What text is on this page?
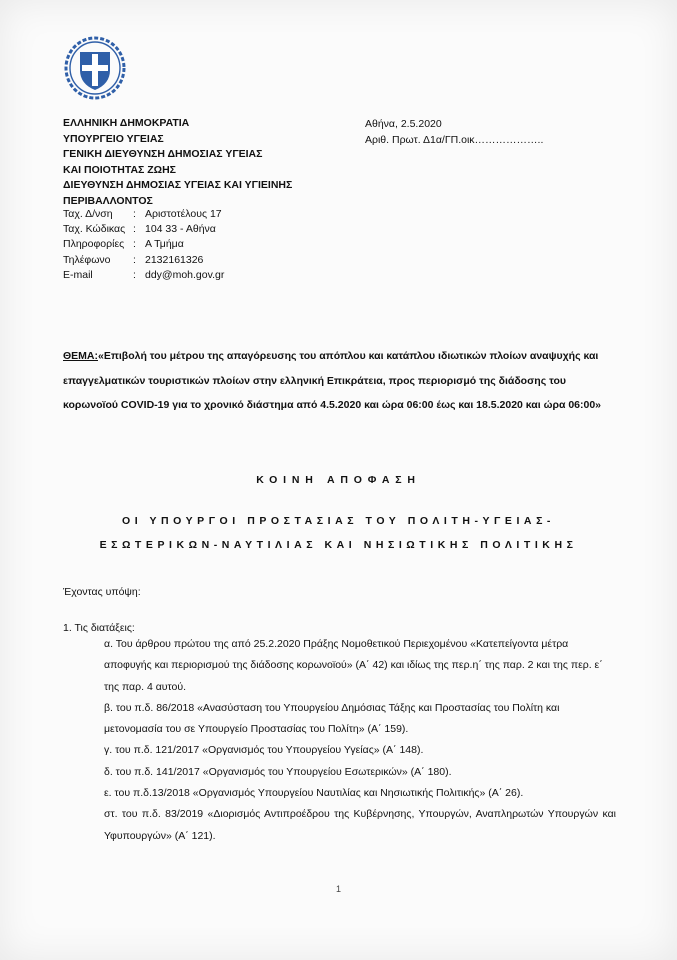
ΕΛΛΗΝΙΚΗ ΔΗΜΟΚΡΑΤΙΑ
ΥΠΟΥΡΓΕΙΟ ΥΓΕΙΑΣ
ΓΕΝΙΚΗ ΔΙΕΥΘΥΝΣΗ ΔΗΜΟΣΙΑΣ ΥΓΕΙΑΣ
ΚΑΙ ΠΟΙΟΤΗΤΑΣ ΖΩΗΣ
ΔΙΕΥΘΥΝΣΗ ΔΗΜΟΣΙΑΣ ΥΓΕΙΑΣ ΚΑΙ ΥΓΙΕΙΝΗΣ
ΠΕΡΙΒΑΛΛΟΝΤΟΣ
Αθήνα, 2.5.2020
Αριθ. Πρωτ. Δ1α/ΓΠ.οικ………………..
Ταχ. Δ/νση	: Αριστοτέλους 17
Ταχ. Κώδικας : 104 33 - Αθήνα
Πληροφορίες : Α Τμήμα
Τηλέφωνο	: 2132161326
E-mail	: ddy@moh.gov.gr
ΘΕΜΑ:«Επιβολή του μέτρου της απαγόρευσης του απόπλου και κατάπλου ιδιωτικών πλοίων αναψυχής και επαγγελματικών τουριστικών πλοίων στην ελληνική Επικράτεια, προς περιορισμό της διάδοσης του κορωνοϊού COVID-19 για το χρονικό διάστημα από 4.5.2020 και ώρα 06:00 έως και 18.5.2020 και ώρα 06:00»
ΚΟΙΝΗ ΑΠΟΦΑΣΗ
ΟΙ ΥΠΟΥΡΓΟΙ ΠΡΟΣΤΑΣΙΑΣ ΤΟΥ ΠΟΛΙΤΗ-ΥΓΕΙΑΣ-
ΕΣΩΤΕΡΙΚΩΝ-ΝΑΥΤΙΛΙΑΣ ΚΑΙ ΝΗΣΙΩΤΙΚΗΣ ΠΟΛΙΤΙΚΗΣ
Έχοντας υπόψη:
1. Τις διατάξεις:

α. Του άρθρου πρώτου της από 25.2.2020 Πράξης Νομοθετικού Περιεχομένου «Κατεπείγοντα μέτρα αποφυγής και περιορισμού της διάδοσης κορωνοϊού» (Α΄ 42) και ιδίως της περ.η΄ της παρ. 2 και της περ. ε΄ της παρ. 4 αυτού.

β. του π.δ. 86/2018 «Ανασύσταση του Υπουργείου Δημόσιας Τάξης και Προστασίας του Πολίτη και μετονομασία του σε Υπουργείο Προστασίας του Πολίτη» (Α΄ 159).

γ. του π.δ. 121/2017 «Οργανισμός του Υπουργείου Υγείας» (Α΄ 148).

δ. του π.δ. 141/2017 «Οργανισμός του Υπουργείου Εσωτερικών» (Α΄ 180).

ε. του π.δ.13/2018 «Οργανισμός Υπουργείου Ναυτιλίας και Νησιωτικής Πολιτικής» (Α΄ 26).

στ. του π.δ. 83/2019 «Διορισμός Αντιπροέδρου της Κυβέρνησης, Υπουργών, Αναπληρωτών Υπουργών και Υφυπουργών» (Α΄ 121).

1
